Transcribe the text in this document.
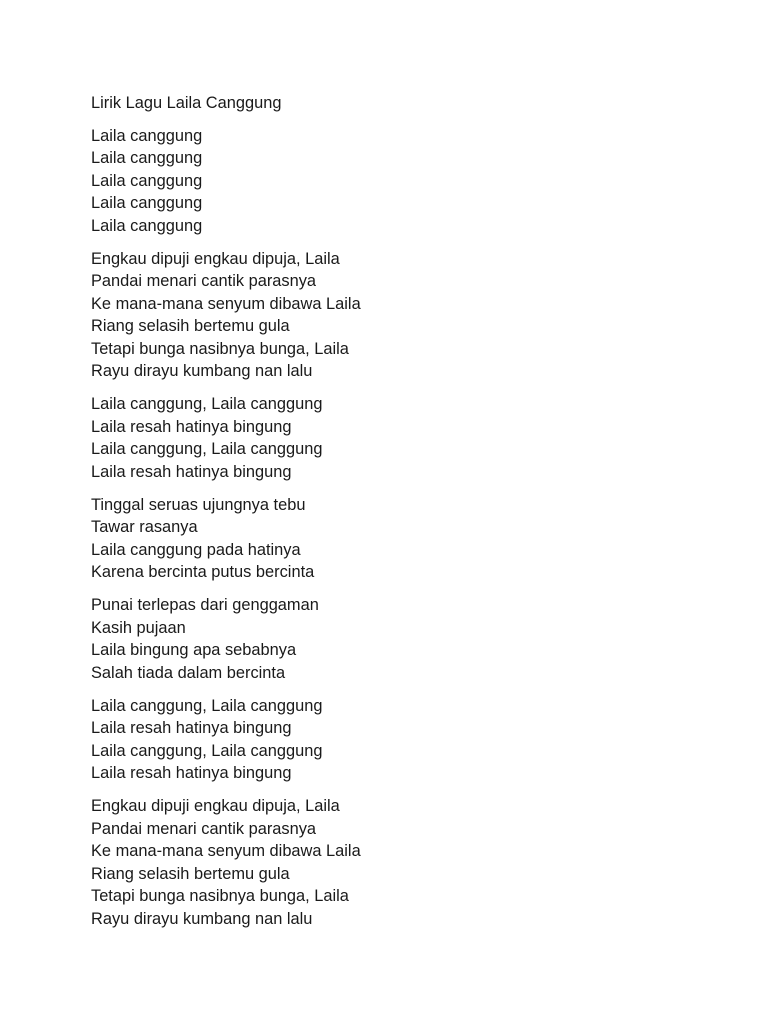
Lirik Lagu Laila Canggung
Laila canggung
Laila canggung
Laila canggung
Laila canggung
Laila canggung
Engkau dipuji engkau dipuja, Laila
Pandai menari cantik parasnya
Ke mana-mana senyum dibawa Laila
Riang selasih bertemu gula
Tetapi bunga nasibnya bunga, Laila
Rayu dirayu kumbang nan lalu
Laila canggung, Laila canggung
Laila resah hatinya bingung
Laila canggung, Laila canggung
Laila resah hatinya bingung
Tinggal seruas ujungnya tebu
Tawar rasanya
Laila canggung pada hatinya
Karena bercinta putus bercinta
Punai terlepas dari genggaman
Kasih pujaan
Laila bingung apa sebabnya
Salah tiada dalam bercinta
Laila canggung, Laila canggung
Laila resah hatinya bingung
Laila canggung, Laila canggung
Laila resah hatinya bingung
Engkau dipuji engkau dipuja, Laila
Pandai menari cantik parasnya
Ke mana-mana senyum dibawa Laila
Riang selasih bertemu gula
Tetapi bunga nasibnya bunga, Laila
Rayu dirayu kumbang nan lalu
